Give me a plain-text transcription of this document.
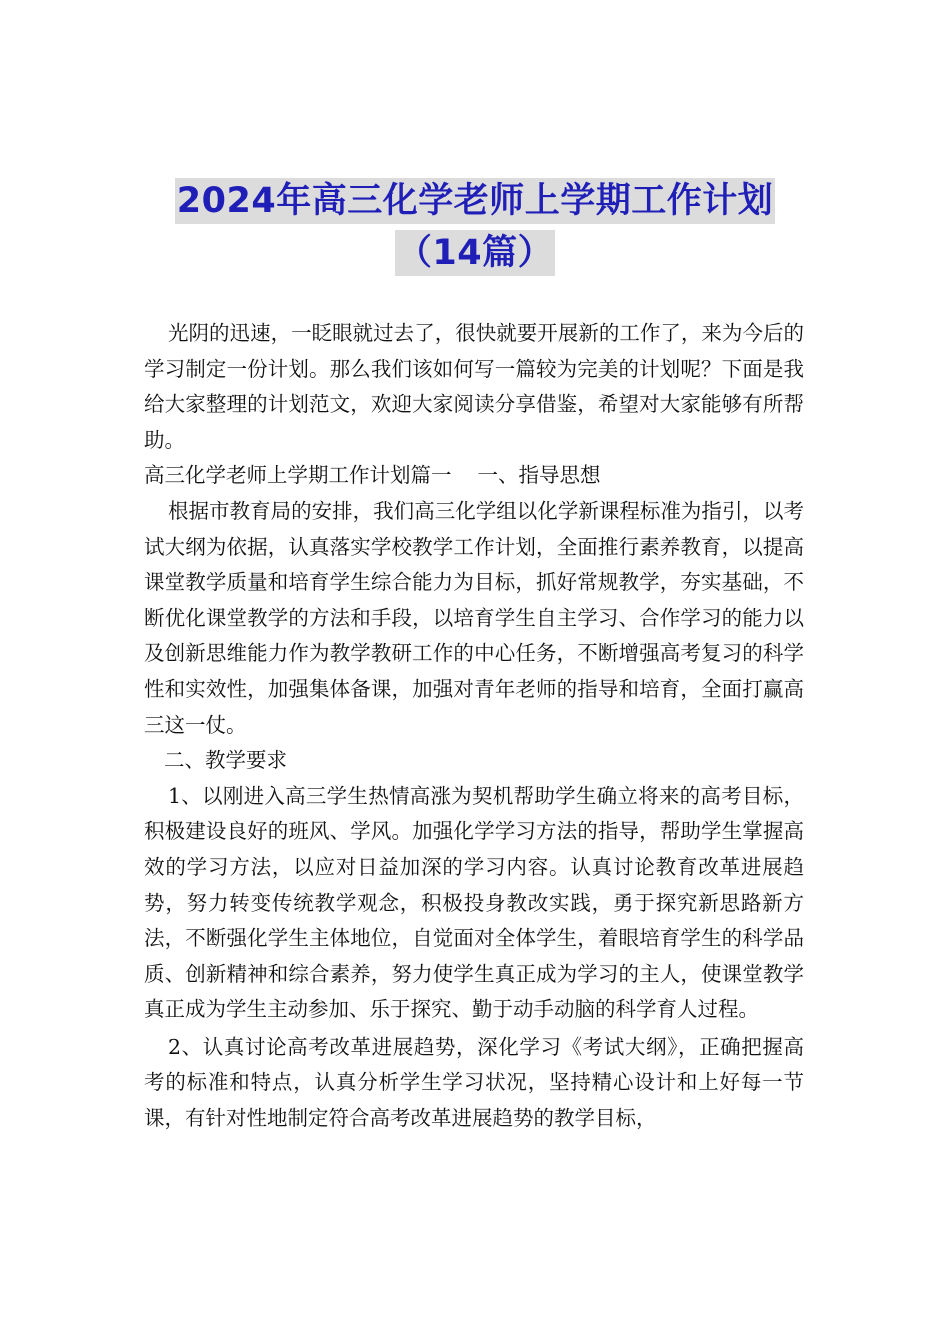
2024年高三化学老师上学期工作计划
（14篇）

光阴的迅速，一眨眼就过去了，很快就要开展新的工作了，来为今后的学习制定一份计划。那么我们该如何写一篇较为完美的计划呢？下面是我给大家整理的计划范文，欢迎大家阅读分享借鉴，希望对大家能够有所帮助。

高三化学老师上学期工作计划篇一 一、指导思想

根据市教育局的安排，我们高三化学组以化学新课程标准为指引，以考试大纲为依据，认真落实学校教学工作计划，全面推行素养教育，以提高课堂教学质量和培育学生综合能力为目标，抓好常规教学，夯实基础，不断优化课堂教学的方法和手段，以培育学生自主学习、合作学习的能力以及创新思维能力作为教学教研工作的中心任务，不断增强高考复习的科学性和实效性，加强集体备课，加强对青年老师的指导和培育，全面打赢高三这一仗。

二、教学要求

1、以刚进入高三学生热情高涨为契机帮助学生确立将来的高考目标，积极建设良好的班风、学风。加强化学学习方法的指导，帮助学生掌握高效的学习方法，以应对日益加深的学习内容。认真讨论教育改革进展趋势，努力转变传统教学观念，积极投身教改实践，勇于探究新思路新方法，不断强化学生主体地位，自觉面对全体学生，着眼培育学生的科学品质、创新精神和综合素养，努力使学生真正成为学习的主人，使课堂教学真正成为学生主动参加、乐于探究、勤于动手动脑的科学育人过程。

2、认真讨论高考改革进展趋势，深化学习《考试大纲》，正确把握高考的标准和特点，认真分析学生学习状况，坚持精心设计和上好每一节课，有针对性地制定符合高考改革进展趋势的教学目标，
